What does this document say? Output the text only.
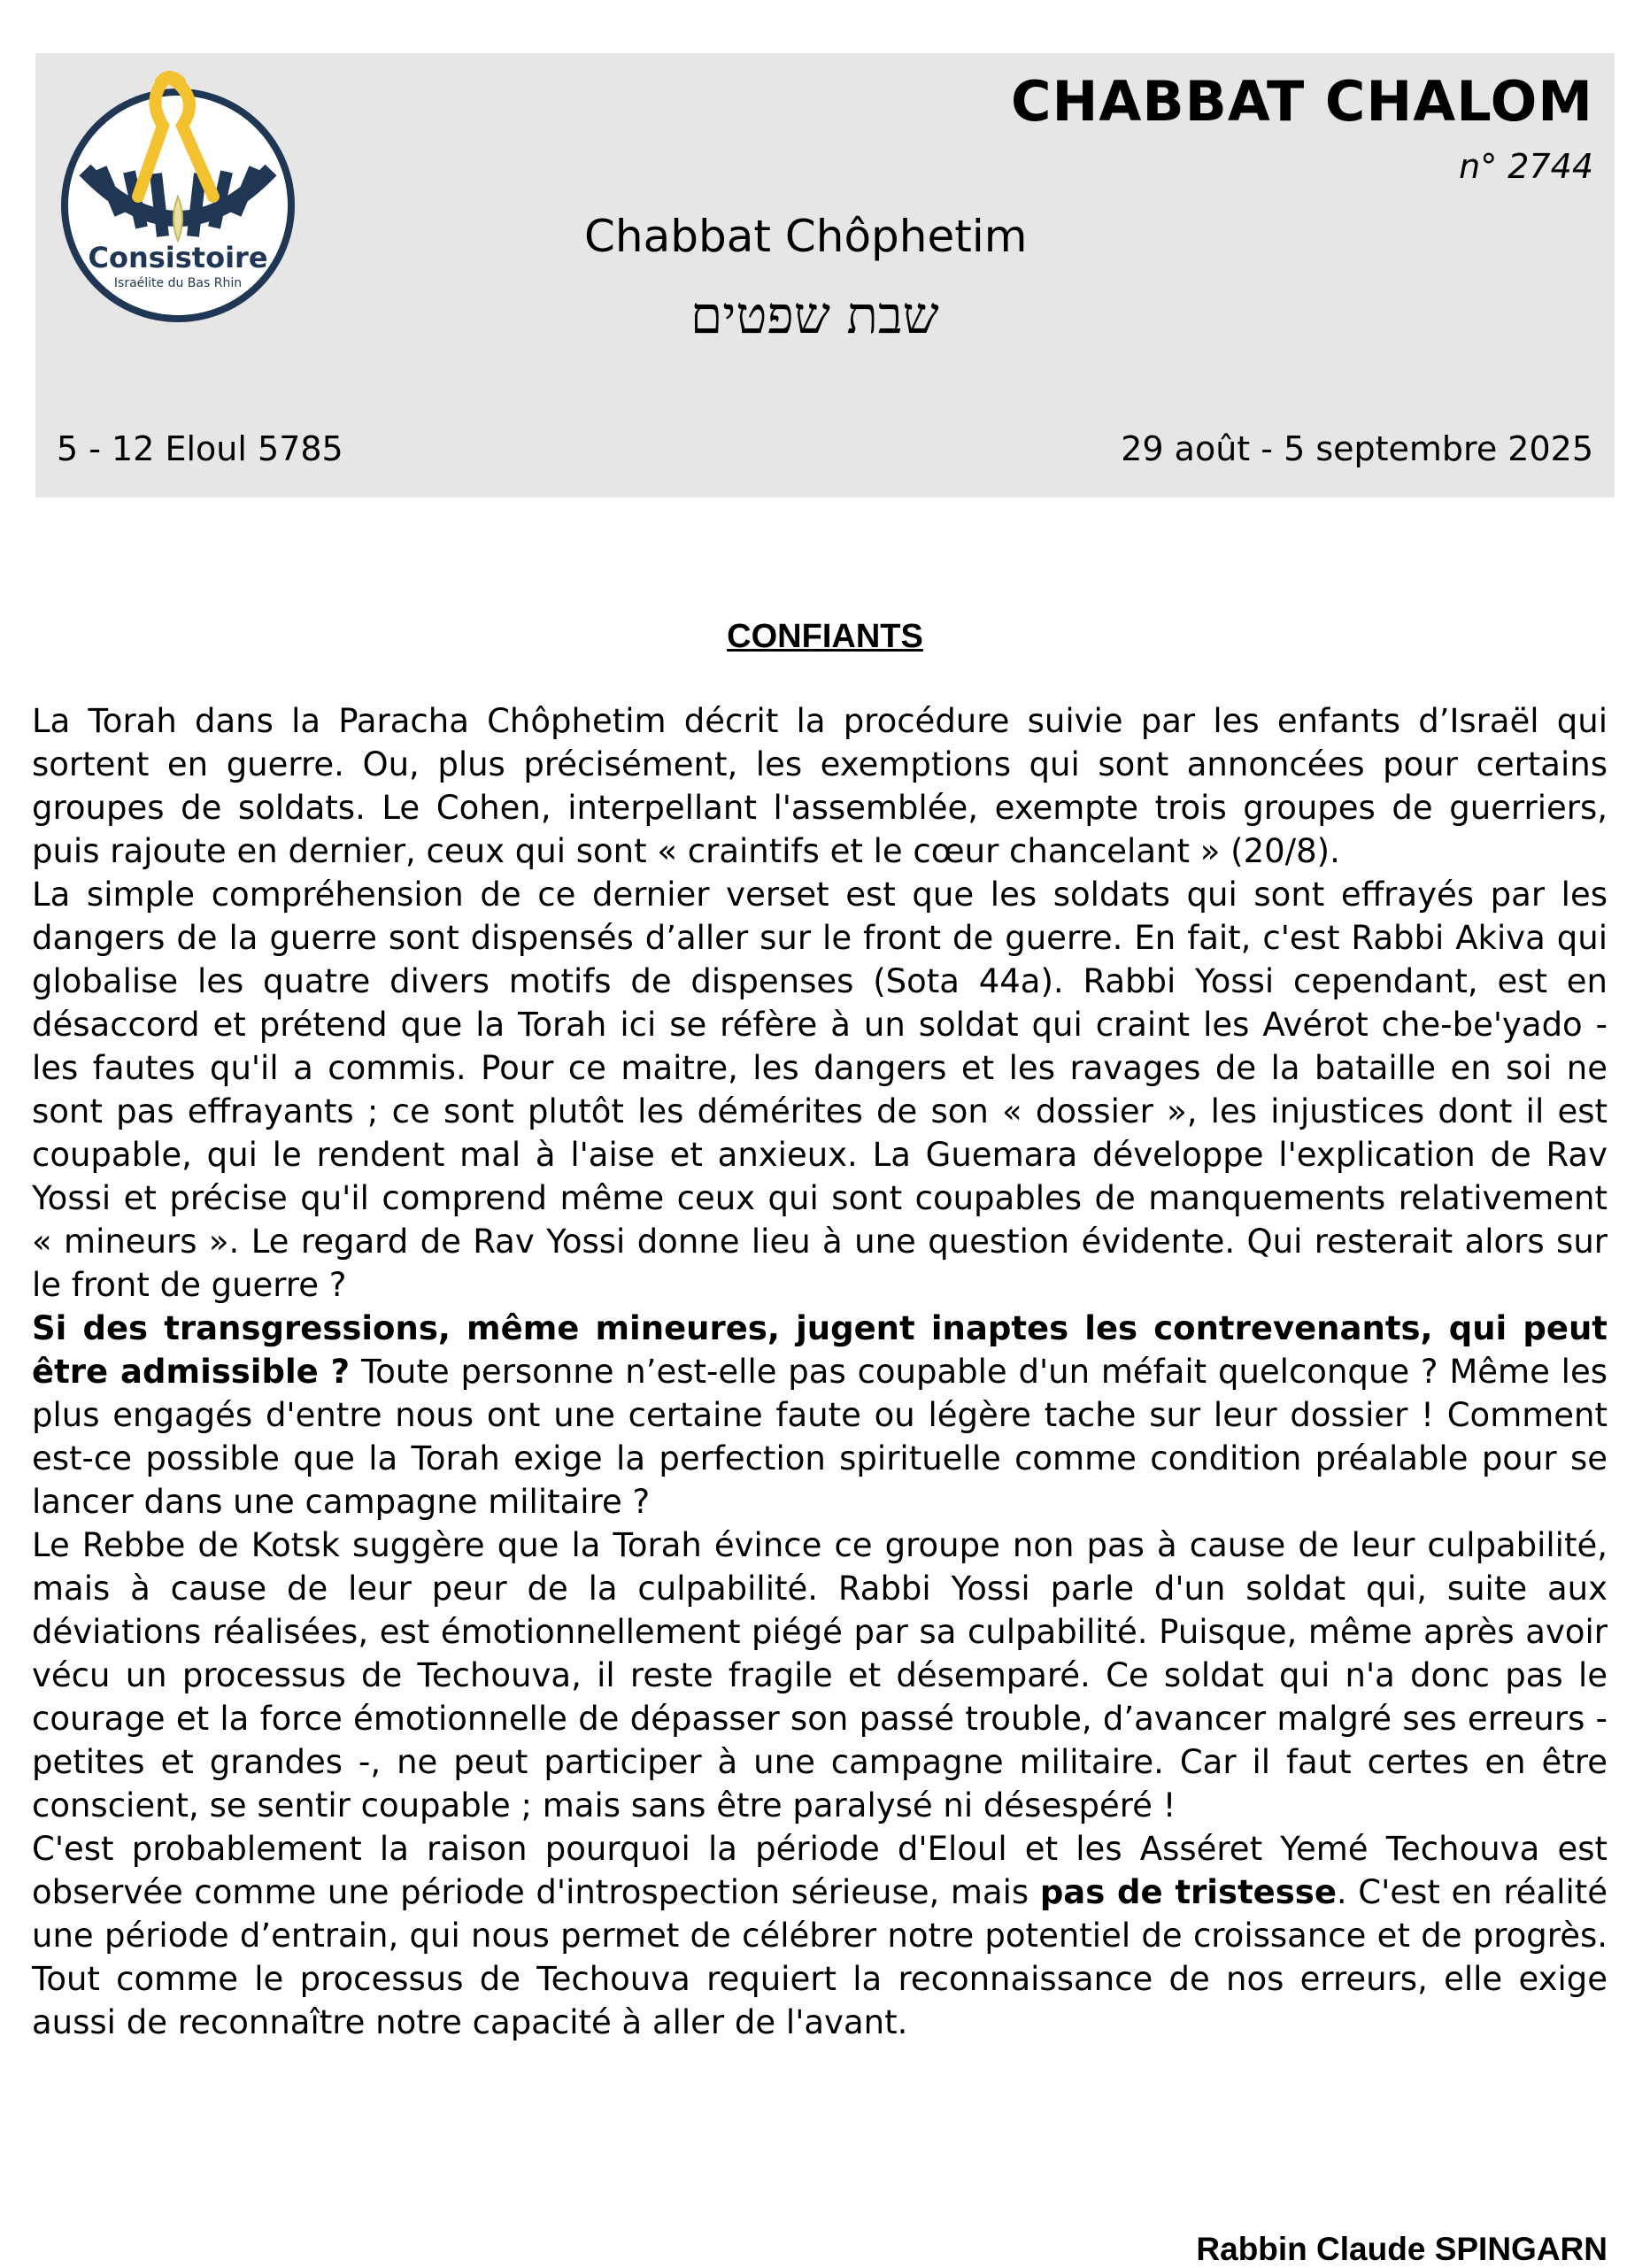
Consistoire
Israélite du Bas Rhin
CHABBAT CHALOM
n° 2744
Chabbat Chôphetim
שבת שפטים
5 - 12 Eloul 5785	29 août - 5 septembre 2025
CONFIANTS

La Torah dans la Paracha Chôphetim décrit la procédure suivie par les enfants d’Israël qui sortent en guerre. Ou, plus précisément, les exemptions qui sont annoncées pour certains groupes de soldats. Le Cohen, interpellant l'assemblée, exempte trois groupes de guerriers, puis rajoute en dernier, ceux qui sont « craintifs et le cœur chancelant » (20/8).

La simple compréhension de ce dernier verset est que les soldats qui sont effrayés par les dangers de la guerre sont dispensés d’aller sur le front de guerre. En fait, c'est Rabbi Akiva qui globalise les quatre divers motifs de dispenses (Sota 44a). Rabbi Yossi cependant, est en désaccord et prétend que la Torah ici se réfère à un soldat qui craint les Avérot che-be'yado - les fautes qu'il a commis. Pour ce maitre, les dangers et les ravages de la bataille en soi ne sont pas effrayants ; ce sont plutôt les démérites de son « dossier », les injustices dont il est coupable, qui le rendent mal à l'aise et anxieux. La Guemara développe l'explication de Rav Yossi et précise qu'il comprend même ceux qui sont coupables de manquements relativement « mineurs ». Le regard de Rav Yossi donne lieu à une question évidente. Qui resterait alors sur le front de guerre ?

Si des transgressions, même mineures, jugent inaptes les contrevenants, qui peut être admissible ? Toute personne n’est-elle pas coupable d'un méfait quelconque ? Même les plus engagés d'entre nous ont une certaine faute ou légère tache sur leur dossier ! Comment est-ce possible que la Torah exige la perfection spirituelle comme condition préalable pour se lancer dans une campagne militaire ?

Le Rebbe de Kotsk suggère que la Torah évince ce groupe non pas à cause de leur culpabilité, mais à cause de leur peur de la culpabilité. Rabbi Yossi parle d'un soldat qui, suite aux déviations réalisées, est émotionnellement piégé par sa culpabilité. Puisque, même après avoir vécu un processus de Techouva, il reste fragile et désemparé. Ce soldat qui n'a donc pas le courage et la force émotionnelle de dépasser son passé trouble, d’avancer malgré ses erreurs - petites et grandes -, ne peut participer à une campagne militaire. Car il faut certes en être conscient, se sentir coupable ; mais sans être paralysé ni désespéré !

C'est probablement la raison pourquoi la période d'Eloul et les Asséret Yemé Techouva est observée comme une période d'introspection sérieuse, mais pas de tristesse. C'est en réalité une période d’entrain, qui nous permet de célébrer notre potentiel de croissance et de progrès. Tout comme le processus de Techouva requiert la reconnaissance de nos erreurs, elle exige aussi de reconnaître notre capacité à aller de l'avant.

Rabbin Claude SPINGARN
